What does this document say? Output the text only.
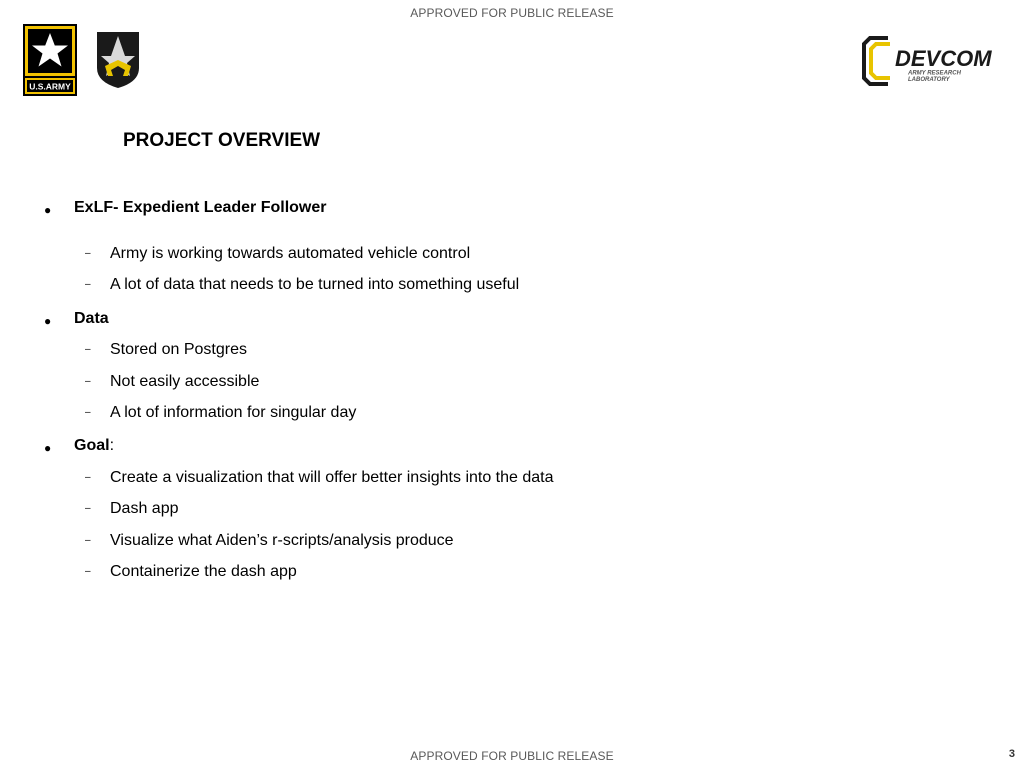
APPROVED FOR PUBLIC RELEASE
U.S.ARMY
DEVCOM
ARMY RESEARCH
LABORATORY
PROJECT OVERVIEW
● ExLF- Expedient Leader Follower
– Army is working towards automated vehicle control
– A lot of data that needs to be turned into something useful
● Data
– Stored on Postgres
– Not easily accessible
– A lot of information for singular day
● Goal:
– Create a visualization that will offer better insights into the data
– Dash app
– Visualize what Aiden’s r-scripts/analysis produce
– Containerize the dash app
APPROVED FOR PUBLIC RELEASE	3
